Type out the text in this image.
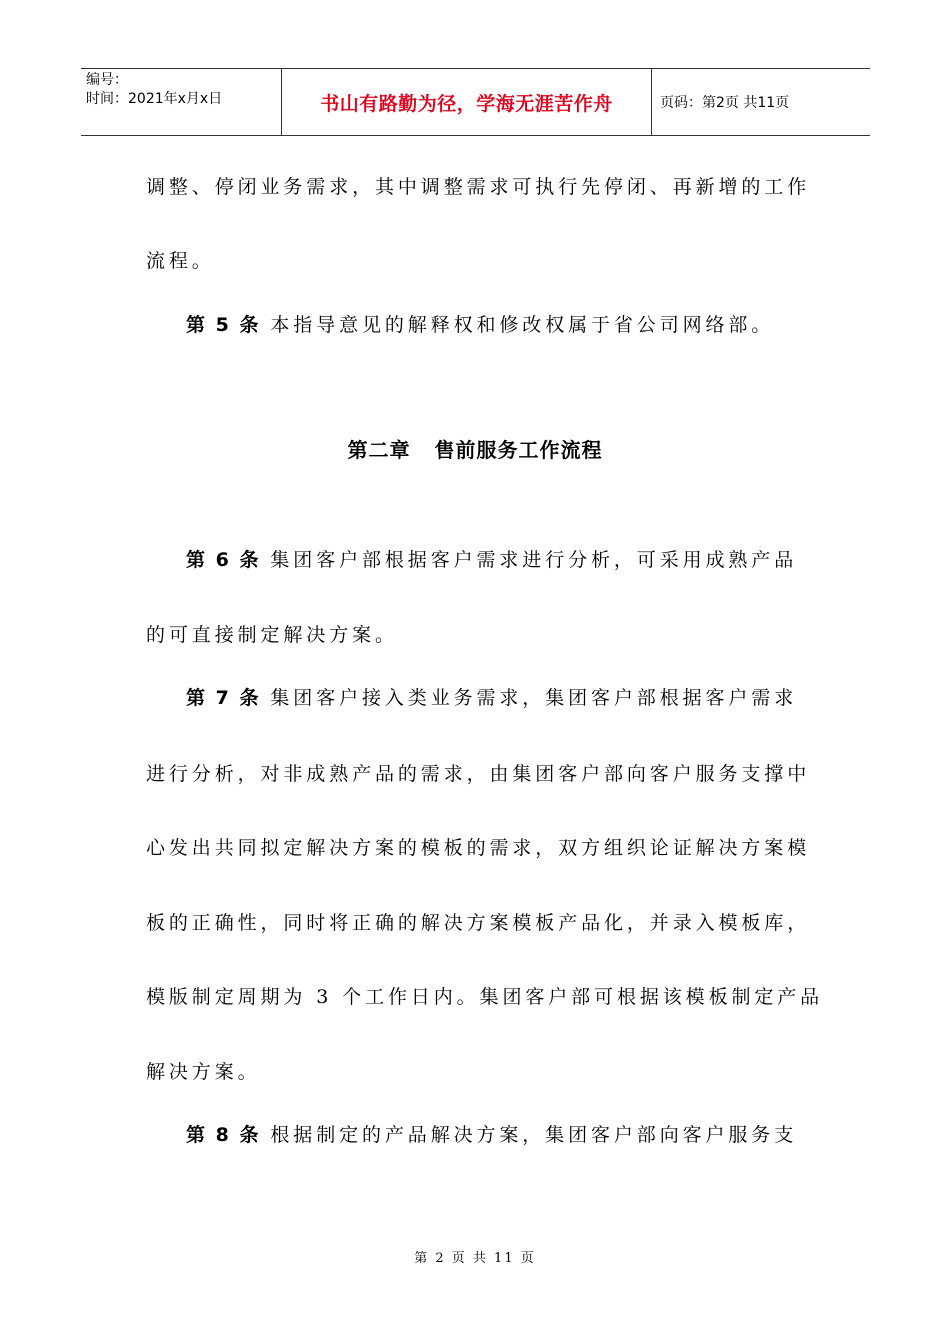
编号：
时间：2021年x月x日	书山有路勤为径，学海无涯苦作舟	页码：第2页 共11页
调整、停闭业务需求，其中调整需求可执行先停闭、再新增的工作
流程。
第 5 条 本指导意见的解释权和修改权属于省公司网络部。
第 6 条 集团客户部根据客户需求进行分析，可采用成熟产品
的可直接制定解决方案。
第 7 条 集团客户接入类业务需求，集团客户部根据客户需求
进行分析，对非成熟产品的需求，由集团客户部向客户服务支撑中
心发出共同拟定解决方案的模板的需求，双方组织论证解决方案模
板的正确性，同时将正确的解决方案模板产品化，并录入模板库，
模版制定周期为 3 个工作日内。集团客户部可根据该模板制定产品
解决方案。
第 8 条 根据制定的产品解决方案，集团客户部向客户服务支
第二章 售前服务工作流程
第 2 页 共 11 页
